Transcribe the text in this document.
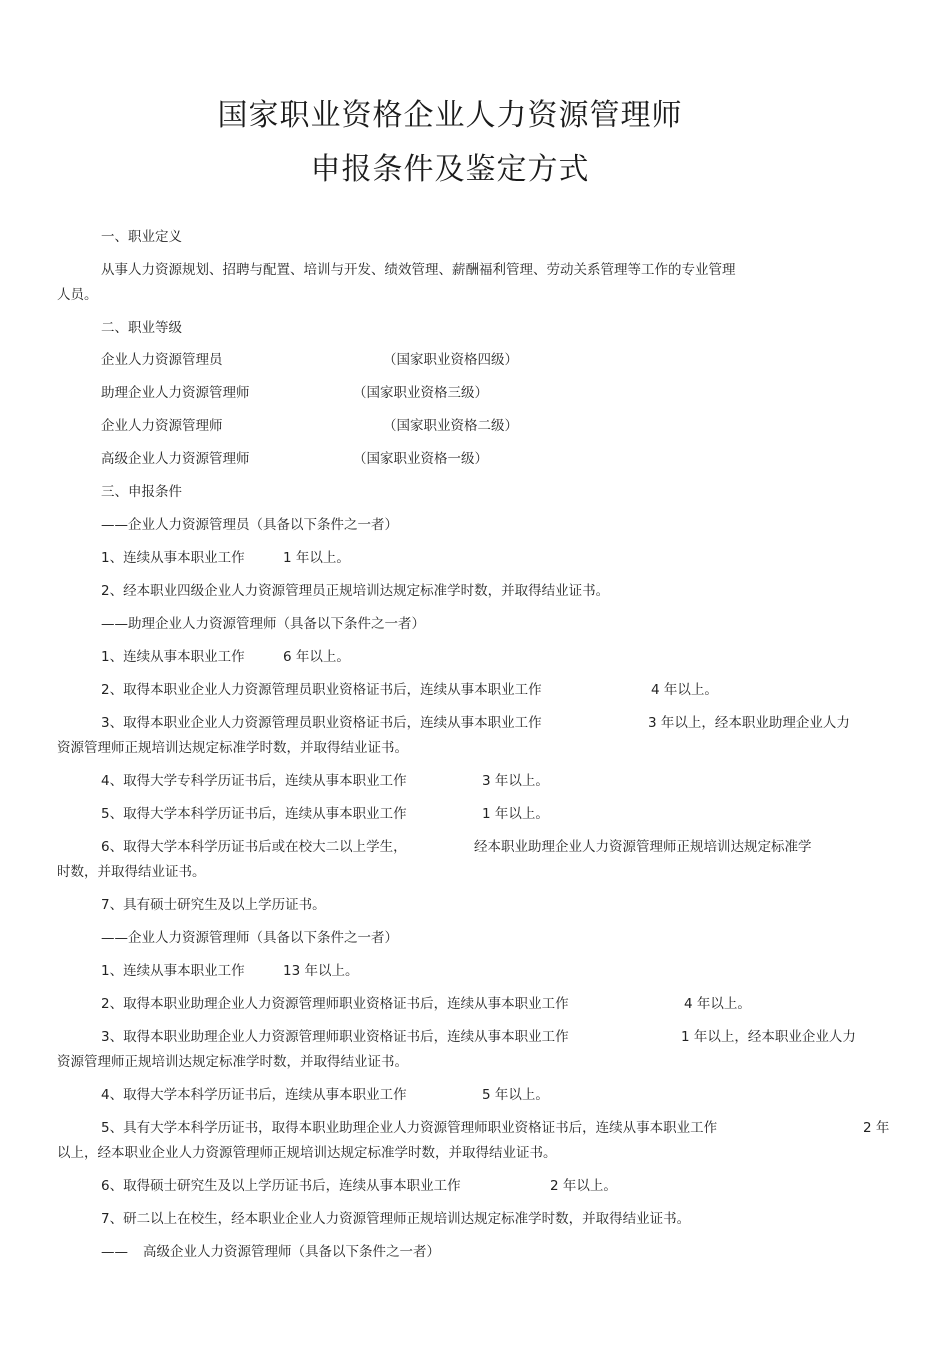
国家职业资格企业人力资源管理师
申报条件及鉴定方式
一、职业定义
从事人力资源规划、招聘与配置、培训与开发、绩效管理、薪酬福利管理、劳动关系管理等工作的专业管理
人员。
二、职业等级
企业人力资源管理员	（国家职业资格四级）
助理企业人力资源管理师	（国家职业资格三级）
企业人力资源管理师	（国家职业资格二级）
高级企业人力资源管理师	（国家职业资格一级）
三、申报条件
——企业人力资源管理员（具备以下条件之一者）
1、连续从事本职业工作	1 年以上。
2、经本职业四级企业人力资源管理员正规培训达规定标准学时数，并取得结业证书。
——助理企业人力资源管理师（具备以下条件之一者）
1、连续从事本职业工作	6 年以上。
2、取得本职业企业人力资源管理员职业资格证书后，连续从事本职业工作	4 年以上。
3、取得本职业企业人力资源管理员职业资格证书后，连续从事本职业工作	3 年以上，经本职业助理企业人力
资源管理师正规培训达规定标准学时数，并取得结业证书。
4、取得大学专科学历证书后，连续从事本职业工作	3 年以上。
5、取得大学本科学历证书后，连续从事本职业工作	1 年以上。
6、取得大学本科学历证书后或在校大二以上学生，	经本职业助理企业人力资源管理师正规培训达规定标准学
时数，并取得结业证书。
7、具有硕士研究生及以上学历证书。
——企业人力资源管理师（具备以下条件之一者）
1、连续从事本职业工作	13 年以上。
2、取得本职业助理企业人力资源管理师职业资格证书后，连续从事本职业工作	4 年以上。
3、取得本职业助理企业人力资源管理师职业资格证书后，连续从事本职业工作	1 年以上，经本职业企业人力
资源管理师正规培训达规定标准学时数，并取得结业证书。
4、取得大学本科学历证书后，连续从事本职业工作	5 年以上。
5、具有大学本科学历证书，取得本职业助理企业人力资源管理师职业资格证书后，连续从事本职业工作	2 年
以上，经本职业企业人力资源管理师正规培训达规定标准学时数，并取得结业证书。
6、取得硕士研究生及以上学历证书后，连续从事本职业工作	2 年以上。
7、研二以上在校生，经本职业企业人力资源管理师正规培训达规定标准学时数，并取得结业证书。
—— 高级企业人力资源管理师（具备以下条件之一者）
